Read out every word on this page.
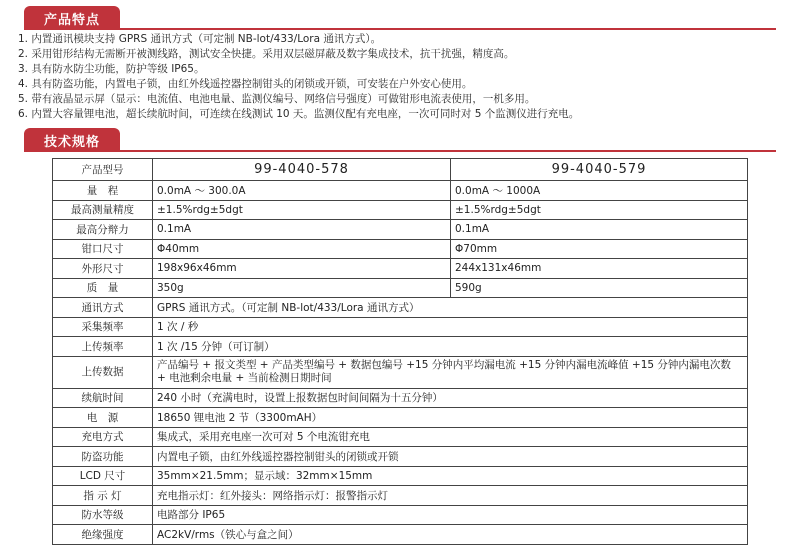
产品特点
1. 内置通讯模块支持 GPRS 通讯方式（可定制 NB-lot/433/Lora 通讯方式）。
2. 采用钳形结构无需断开被测线路，测试安全快捷。采用双层磁屏蔽及数字集成技术，抗干扰强，精度高。
3. 具有防水防尘功能，防护等级 IP65。
4. 具有防盗功能，内置电子锁，由红外线遥控器控制钳头的闭锁或开锁，可安装在户外安心使用。
5. 带有液晶显示屏（显示：电流值、电池电量、监测仪编号、网络信号强度）可做钳形电流表使用，一机多用。
6. 内置大容量锂电池，超长续航时间，可连续在线测试 10 天。监测仪配有充电座，一次可同时对 5 个监测仪进行充电。
技术规格
产品型号	99-4040-578	99-4040-579
量　程	0.0mA ～ 300.0A	0.0mA ～ 1000A
最高测量精度	±1.5%rdg±5dgt	±1.5%rdg±5dgt
最高分辩力	0.1mA	0.1mA
钳口尺寸	Φ40mm	Φ70mm
外形尺寸	198x96x46mm	244x131x46mm
质　量	350g	590g
通讯方式	GPRS 通讯方式。（可定制 NB-lot/433/Lora 通讯方式）	
采集频率	1 次 / 秒	
上传频率	1 次 /15 分钟（可订制）	
上传数据	产品编号 + 报文类型 + 产品类型编号 + 数据包编号 +15 分钟内平均漏电流 +15 分钟内漏电流峰值 +15 分钟内漏电次数 + 电池剩余电量 + 当前检测日期时间	
续航时间	240 小时（充满电时，设置上报数据包时间间隔为十五分钟）	
电　源	18650 锂电池 2 节（3300mAH）	
充电方式	集成式，采用充电座一次可对 5 个电流钳充电	
防盗功能	内置电子锁，由红外线遥控器控制钳头的闭锁或开锁	
LCD 尺寸	35mm×21.5mm；显示域：32mm×15mm	
指 示 灯	充电指示灯：红外接头：网络指示灯：报警指示灯	
防水等级	电路部分 IP65	
绝缘强度	AC2kV/rms（铁心与盒之间）	
